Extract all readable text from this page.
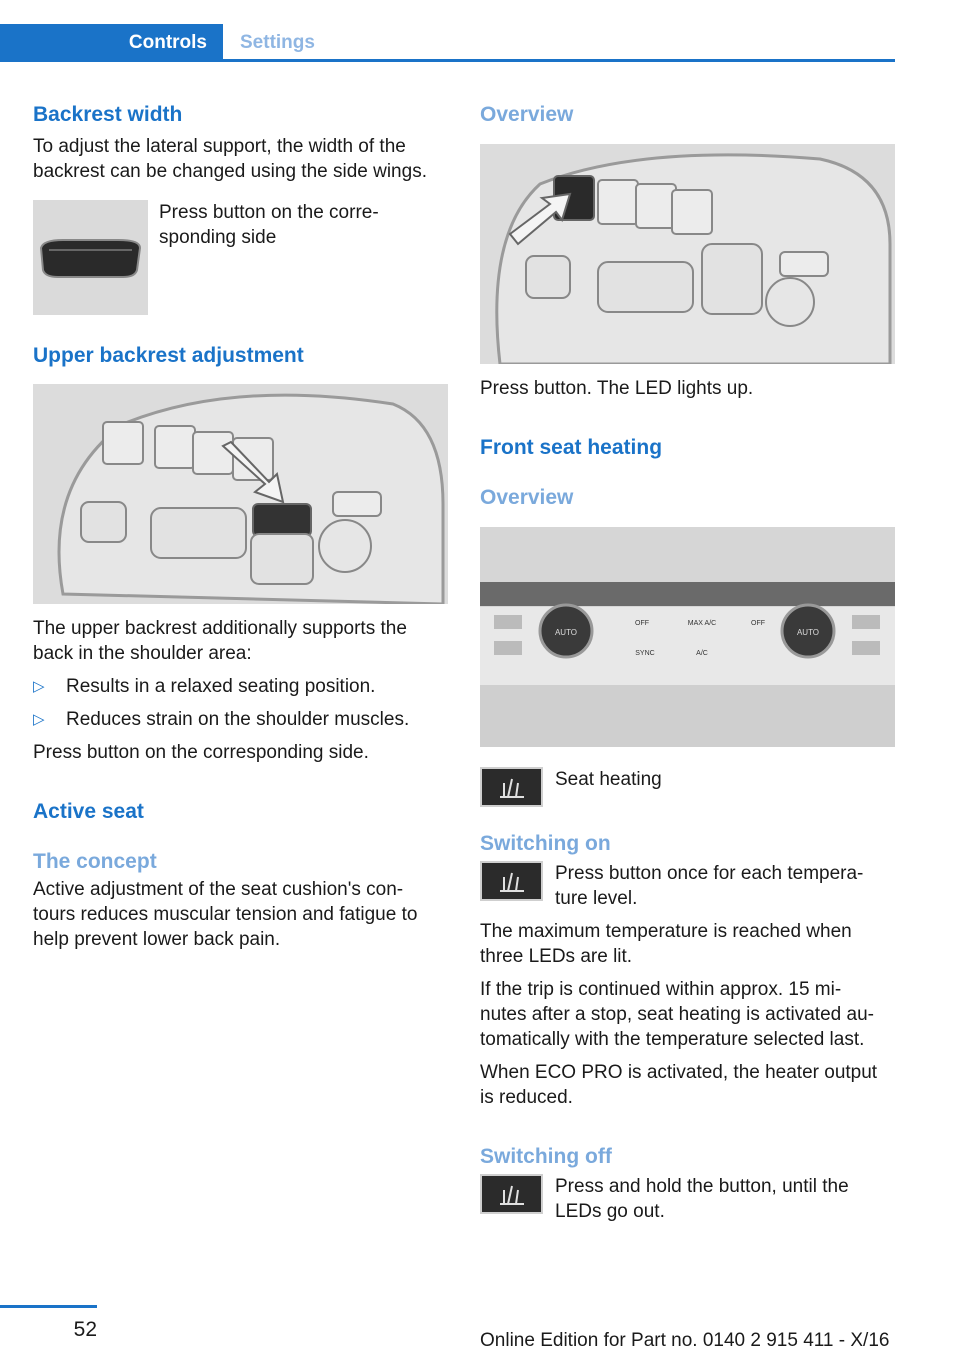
Controls	Settings
Backrest width

To adjust the lateral support, the width of the backrest can be changed using the side wings.

Press button on the corre-
sponding side

Upper backrest adjustment

The upper backrest additionally supports the back in the shoulder area:

▷	Results in a relaxed seating position.
▷	Reduces strain on the shoulder muscles.

Press button on the corresponding side.

Active seat
The concept

Active adjustment of the seat cushion's con- tours reduces muscular tension and fatigue to help prevent lower back pain.

Overview

Press button. The LED lights up.

Front seat heating
Overview
AUTO	AUTO
MAX A/C
OFF	OFF
SYNC	A/C

Seat heating

Switching on

Press button once for each tempera-
ture level.

The maximum temperature is reached when three LEDs are lit.

If the trip is continued within approx. 15 mi-
nutes after a stop, seat heating is activated au-
tomatically with the temperature selected last.

When ECO PRO is activated, the heater output is reduced.

Switching off

Press and hold the button, until the LEDs go out.

52	Online Edition for Part no. 0140 2 915 411 - X/16
